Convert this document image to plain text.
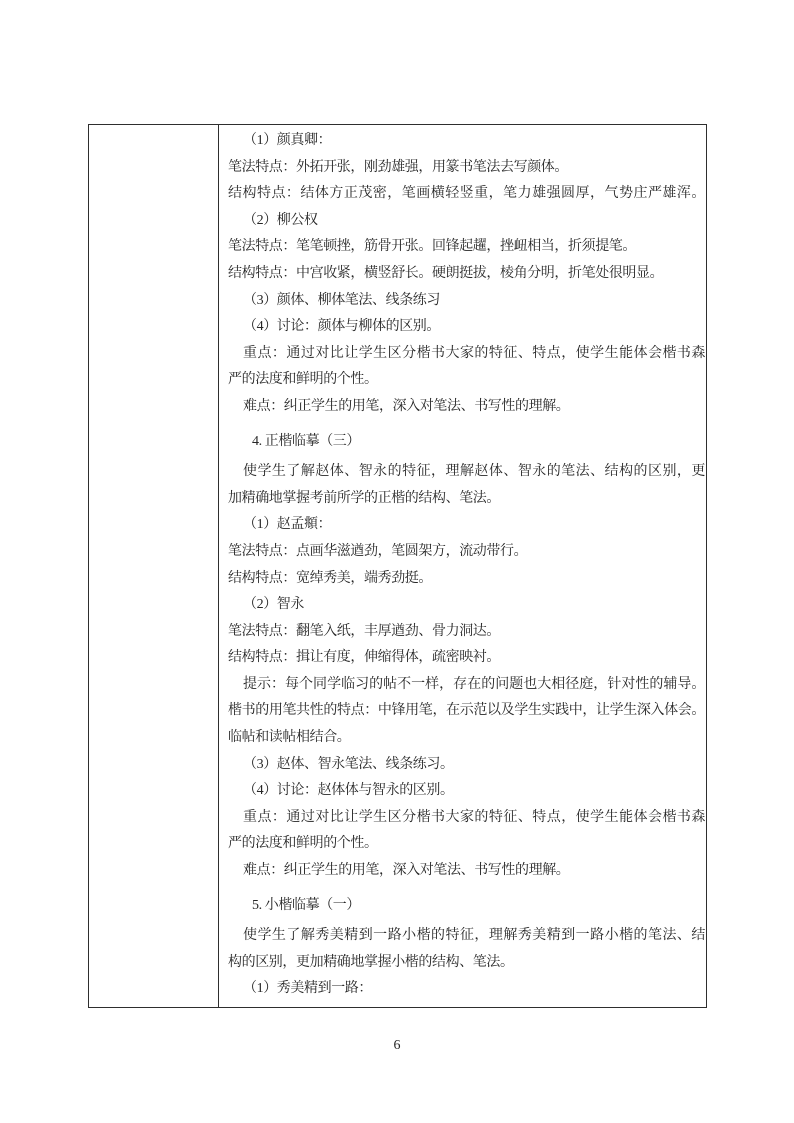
（1）颜真卿：

笔法特点：外拓开张，刚劲雄强，用篆书笔法去写颜体。

结构特点：结体方正茂密，笔画横轻竖重，笔力雄强圆厚，气势庄严雄浑。

（2）柳公权

笔法特点：笔笔顿挫，筋骨开张。回锋起趯，挫衄相当，折须提笔。

结构特点：中宫收紧，横竖舒长。硬朗挺拔，棱角分明，折笔处很明显。

（3）颜体、柳体笔法、线条练习

（4）讨论：颜体与柳体的区别。

重点：通过对比让学生区分楷书大家的特征、特点，使学生能体会楷书森

严的法度和鲜明的个性。

难点：纠正学生的用笔，深入对笔法、书写性的理解。

4. 正楷临摹（三）

使学生了解赵体、智永的特征，理解赵体、智永的笔法、结构的区别，更

加精确地掌握考前所学的正楷的结构、笔法。

（1）赵孟頫：

笔法特点：点画华滋遒劲，笔圆架方，流动带行。

结构特点：宽绰秀美，端秀劲挺。

（2）智永

笔法特点：翻笔入纸，丰厚遒劲、骨力洞达。

结构特点：揖让有度，伸缩得体，疏密映衬。

提示：每个同学临习的帖不一样，存在的问题也大相径庭，针对性的辅导。

楷书的用笔共性的特点：中锋用笔，在示范以及学生实践中，让学生深入体会。

临帖和读帖相结合。

（3）赵体、智永笔法、线条练习。

（4）讨论：赵体体与智永的区别。

重点：通过对比让学生区分楷书大家的特征、特点，使学生能体会楷书森

严的法度和鲜明的个性。

难点：纠正学生的用笔，深入对笔法、书写性的理解。

5. 小楷临摹（一）

使学生了解秀美精到一路小楷的特征，理解秀美精到一路小楷的笔法、结

构的区别，更加精确地掌握小楷的结构、笔法。

（1）秀美精到一路：

6
